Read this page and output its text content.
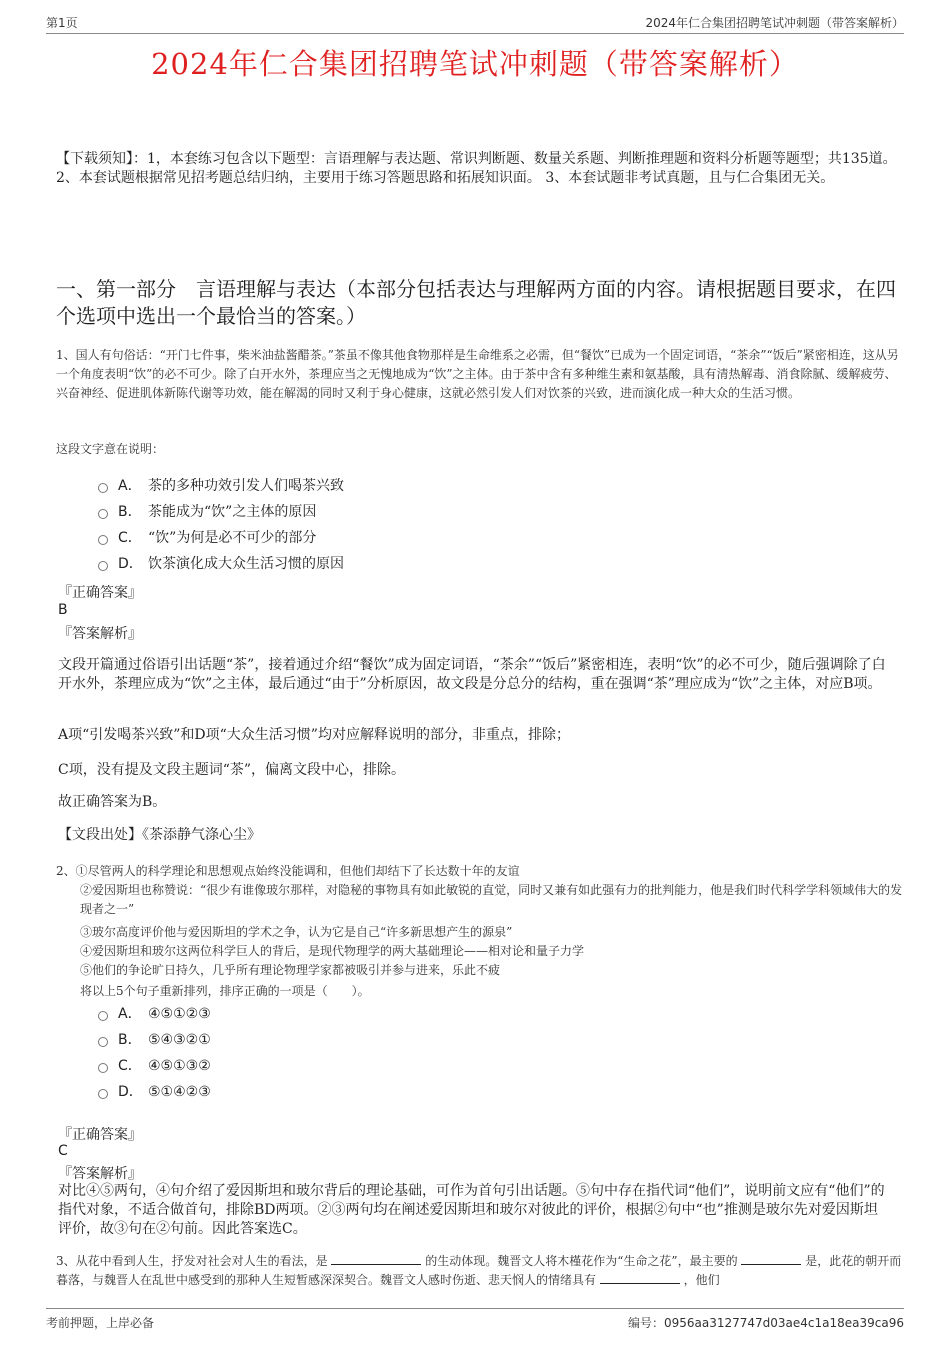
第1页	2024年仁合集团招聘笔试冲刺题（带答案解析）
2024年仁合集团招聘笔试冲刺题（带答案解析）
【下载须知】：1，本套练习包含以下题型：言语理解与表达题、常识判断题、数量关系题、判断推理题和资料分析题等题型；共135道。 2、本套试题根据常见招考题总结归纳，主要用于练习答题思路和拓展知识面。 3、本套试题非考试真题，且与仁合集团无关。
一、第一部分　言语理解与表达（本部分包括表达与理解两方面的内容。请根据题目要求，在四个选项中选出一个最恰当的答案。）
1、国人有句俗话：“开门七件事，柴米油盐酱醋茶。”茶虽不像其他食物那样是生命维系之必需，但“餐饮”已成为一个固定词语，“茶余”“饭后”紧密相连，这从另一个角度表明“饮”的必不可少。除了白开水外，茶理应当之无愧地成为“饮”之主体。由于茶中含有多种维生素和氨基酸，具有清热解毒、消食除腻、缓解疲劳、兴奋神经、促进肌体新陈代谢等功效，能在解渴的同时又利于身心健康，这就必然引发人们对饮茶的兴致，进而演化成一种大众的生活习惯。
这段文字意在说明：
A． 茶的多种功效引发人们喝茶兴致
B． 茶能成为“饮”之主体的原因
C． “饮”为何是必不可少的部分
D． 饮茶演化成大众生活习惯的原因
『正确答案』
B
『答案解析』
文段开篇通过俗语引出话题“茶”，接着通过介绍“餐饮”成为固定词语，“茶余”“饭后”紧密相连，表明“饮”的必不可少，随后强调除了白开水外，茶理应成为“饮”之主体，最后通过“由于”分析原因，故文段是分总分的结构，重在强调“茶”理应成为“饮”之主体，对应B项。
A项“引发喝茶兴致”和D项“大众生活习惯”均对应解释说明的部分，非重点，排除；
C项，没有提及文段主题词“茶”，偏离文段中心，排除。
故正确答案为B。
【文段出处】《茶添静气涤心尘》
2、①尽管两人的科学理论和思想观点始终没能调和，但他们却结下了长达数十年的友谊
②爱因斯坦也称赞说：“很少有谁像玻尔那样，对隐秘的事物具有如此敏锐的直觉，同时又兼有如此强有力的批判能力，他是我们时代科学学科领域伟大的发现者之一”
③玻尔高度评价他与爱因斯坦的学术之争，认为它是自己“许多新思想产生的源泉”
④爱因斯坦和玻尔这两位科学巨人的背后，是现代物理学的两大基础理论——相对论和量子力学
⑤他们的争论旷日持久，几乎所有理论物理学家都被吸引并参与进来，乐此不疲
将以上5个句子重新排列，排序正确的一项是（　　）。
A． ④⑤①②③
B． ⑤④③②①
C． ④⑤①③②
D． ⑤①④②③
『正确答案』
C
『答案解析』
对比④⑤两句，④句介绍了爱因斯坦和玻尔背后的理论基础，可作为首句引出话题。⑤句中存在指代词“他们”，说明前文应有“他们”的指代对象，不适合做首句，排除BD两项。②③两句均在阐述爱因斯坦和玻尔对彼此的评价，根据②句中“也”推测是玻尔先对爱因斯坦评价，故③句在②句前。因此答案选C。
3、从花中看到人生，抒发对社会对人生的看法，是	的生动体现。魏晋文人将木槿花作为“生命之花”，最主要的	是，此花的朝开而暮落，与魏晋人在乱世中感受到的那种人生短暂感深深契合。魏晋文人感时伤逝、悲天悯人的情绪具有	，他们
考前押题，上岸必备	编号：0956aa3127747d03ae4c1a18ea39ca96
